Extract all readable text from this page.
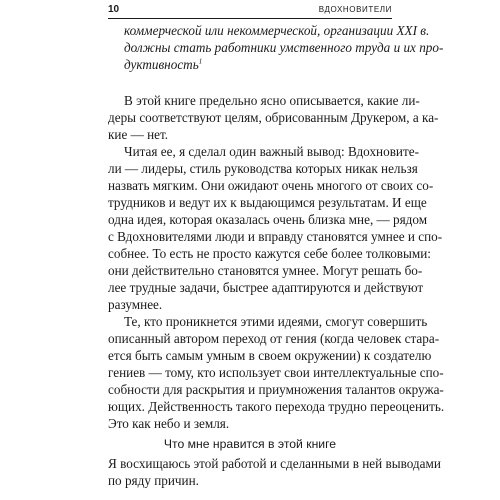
10	ВДОХНОВИТЕЛИ
коммерческой или некоммерческой, организации XXI в.
должны стать работники умственного труда и их про-
дуктивность$^1$
В этой книге предельно ясно описывается, какие ли-
деры соответствуют целям, обрисованным Друкером, а ка-
кие — нет.
Читая ее, я сделал один важный вывод: Вдохновите-
ли — лидеры, стиль руководства которых никак нельзя
назвать мягким. Они ожидают очень многого от своих со-
трудников и ведут их к выдающимся результатам. И еще
одна идея, которая оказалась очень близка мне, — рядом
с Вдохновителями люди и вправду становятся умнее и спо-
собнее. То есть не просто кажутся себе более толковыми:
они действительно становятся умнее. Могут решать бо-
лее трудные задачи, быстрее адаптируются и действуют
разумнее.
Те, кто проникнется этими идеями, смогут совершить
описанный автором переход от гения (когда человек стара-
ется быть самым умным в своем окружении) к создателю
гениев — тому, кто использует свои интеллектуальные спо-
собности для раскрытия и приумножения талантов окружа-
ющих. Действенность такого перехода трудно переоценить.
Это как небо и земля.
Что мне нравится в этой книге
Я восхищаюсь этой работой и сделанными в ней выводами
по ряду причин.
